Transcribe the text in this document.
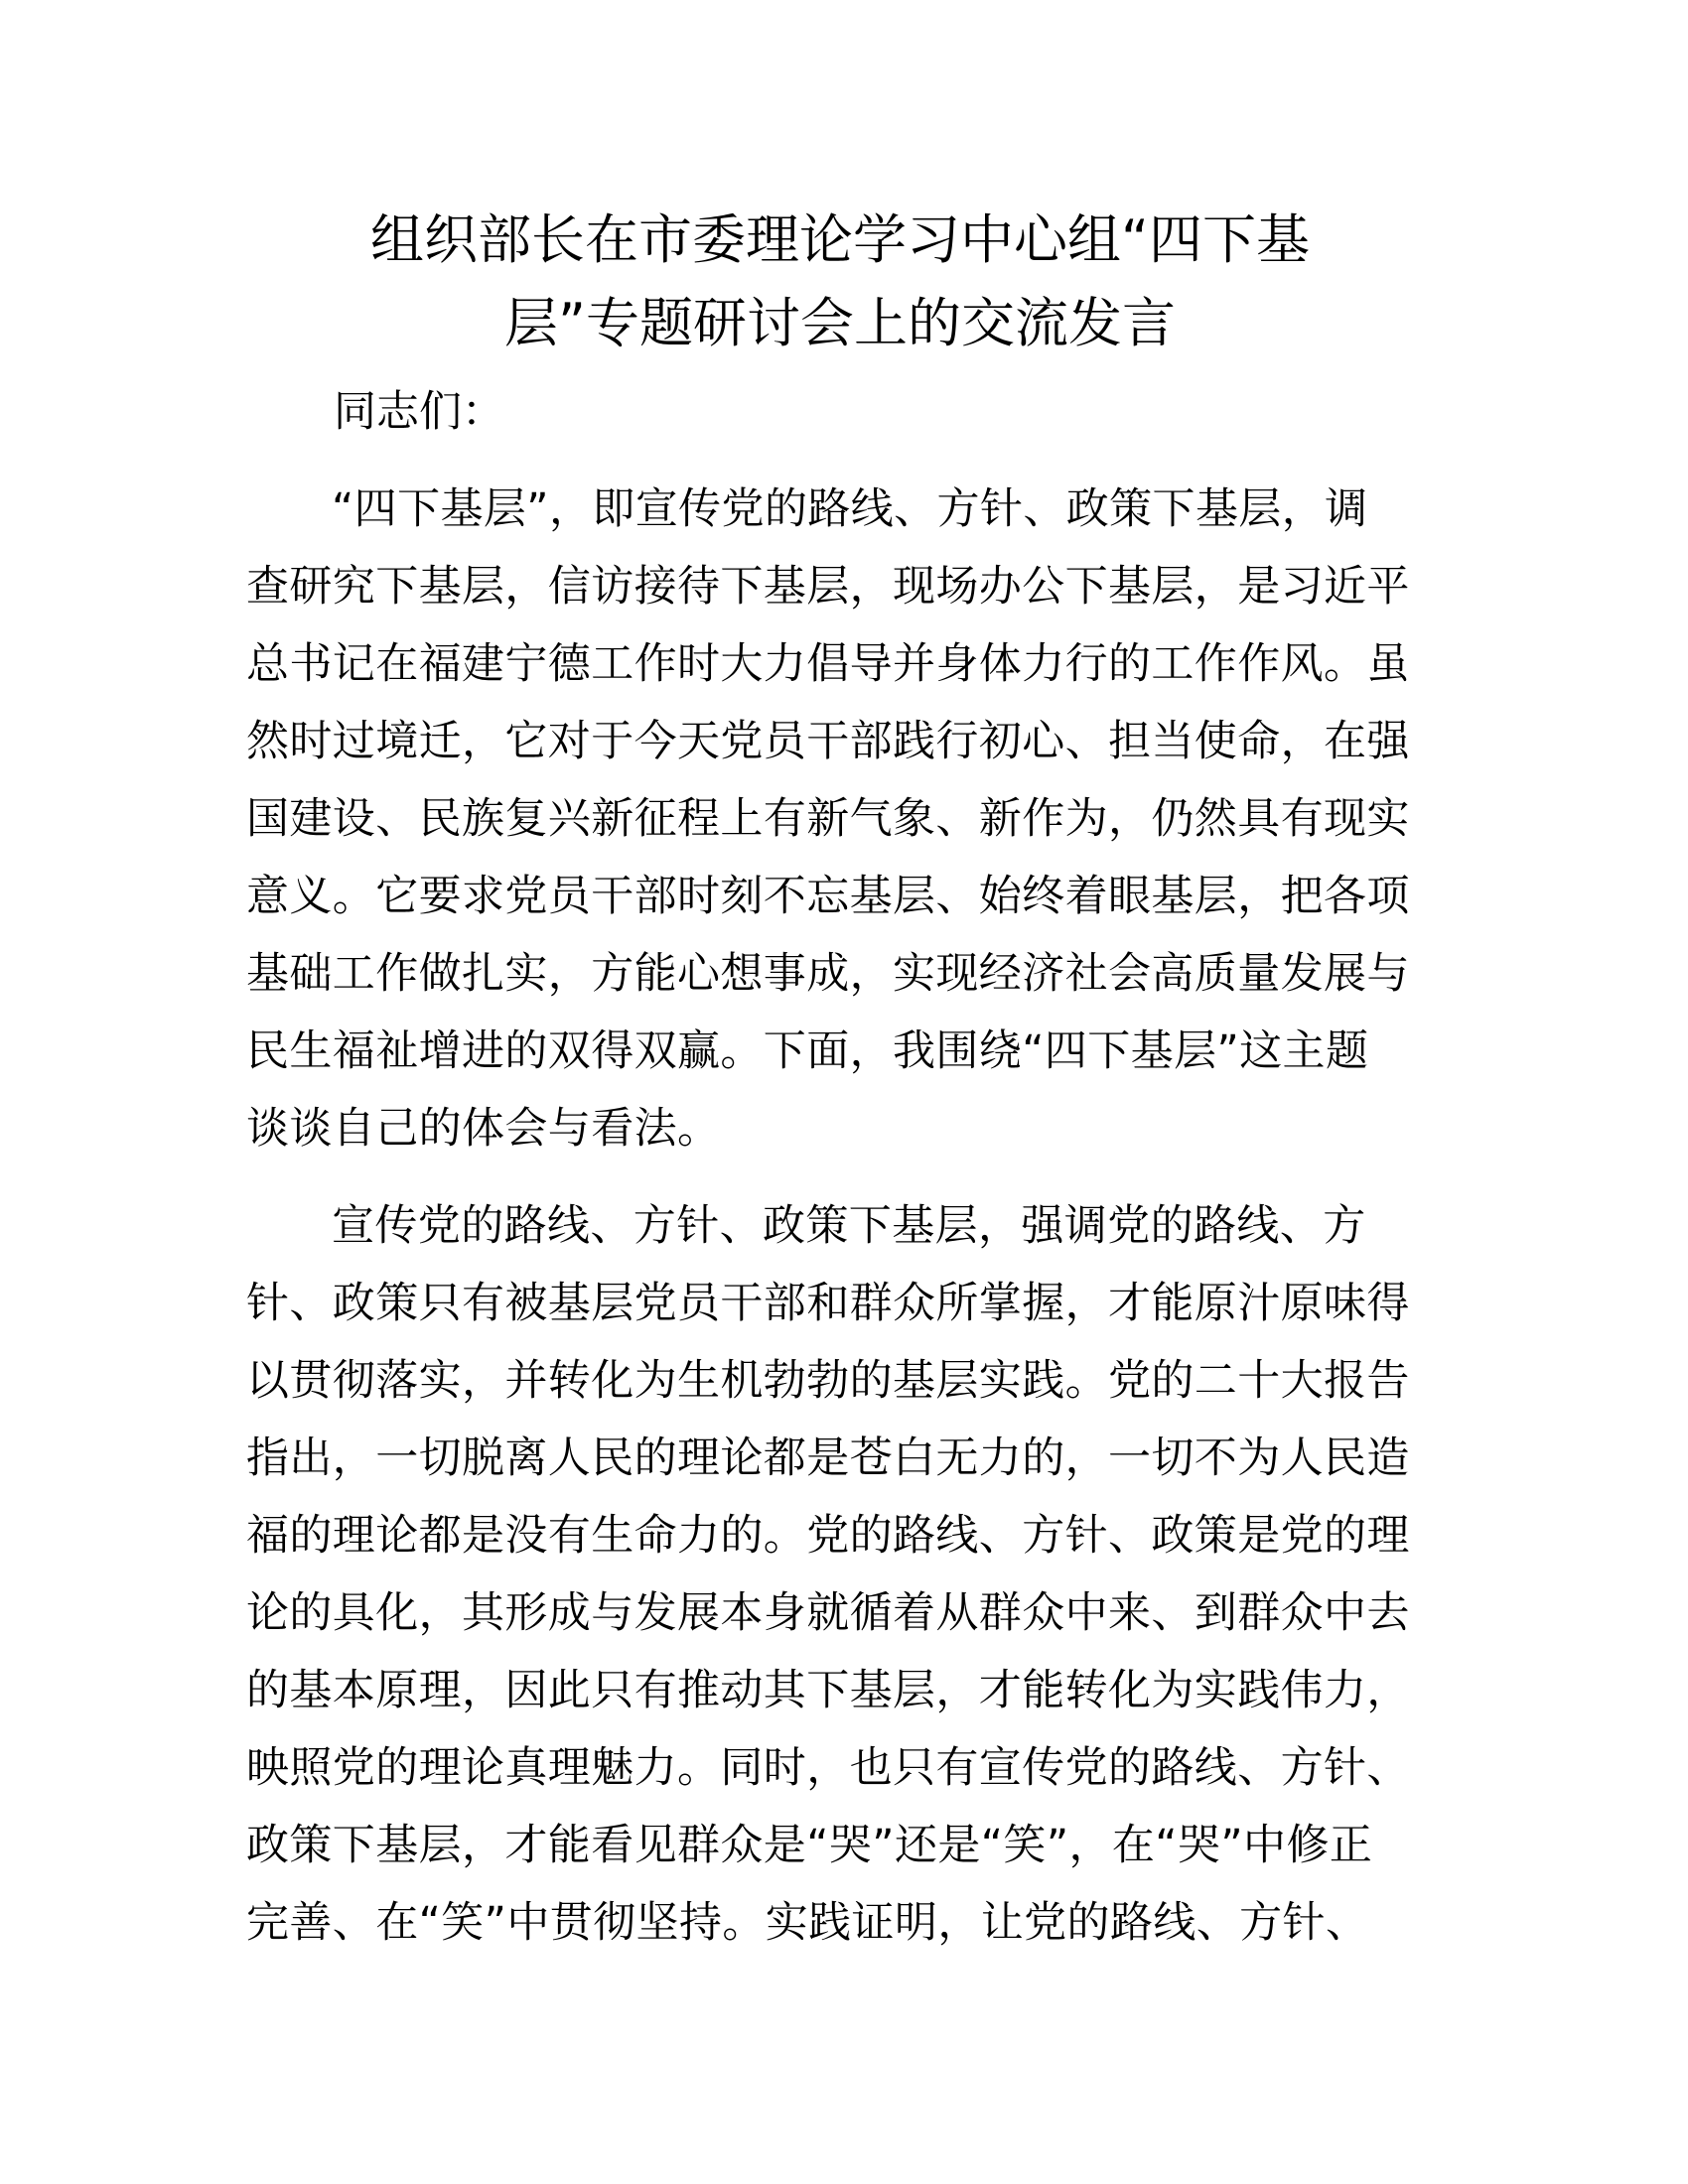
组织部长在市委理论学习中心组“四下基
层”专题研讨会上的交流发言

同志们：

“四下基层”，即宣传党的路线、方针、政策下基层，调
查研究下基层，信访接待下基层，现场办公下基层，是习近平
总书记在福建宁德工作时大力倡导并身体力行的工作作风。虽
然时过境迁，它对于今天党员干部践行初心、担当使命，在强
国建设、民族复兴新征程上有新气象、新作为，仍然具有现实
意义。它要求党员干部时刻不忘基层、始终着眼基层，把各项
基础工作做扎实，方能心想事成，实现经济社会高质量发展与
民生福祉增进的双得双赢。下面，我围绕“四下基层”这主题
谈谈自己的体会与看法。

宣传党的路线、方针、政策下基层，强调党的路线、方
针、政策只有被基层党员干部和群众所掌握，才能原汁原味得
以贯彻落实，并转化为生机勃勃的基层实践。党的二十大报告
指出，一切脱离人民的理论都是苍白无力的，一切不为人民造
福的理论都是没有生命力的。党的路线、方针、政策是党的理
论的具化，其形成与发展本身就循着从群众中来、到群众中去
的基本原理，因此只有推动其下基层，才能转化为实践伟力，
映照党的理论真理魅力。同时，也只有宣传党的路线、方针、
政策下基层，才能看见群众是“哭”还是“笑”，在“哭”中修正
完善、在“笑”中贯彻坚持。实践证明，让党的路线、方针、
